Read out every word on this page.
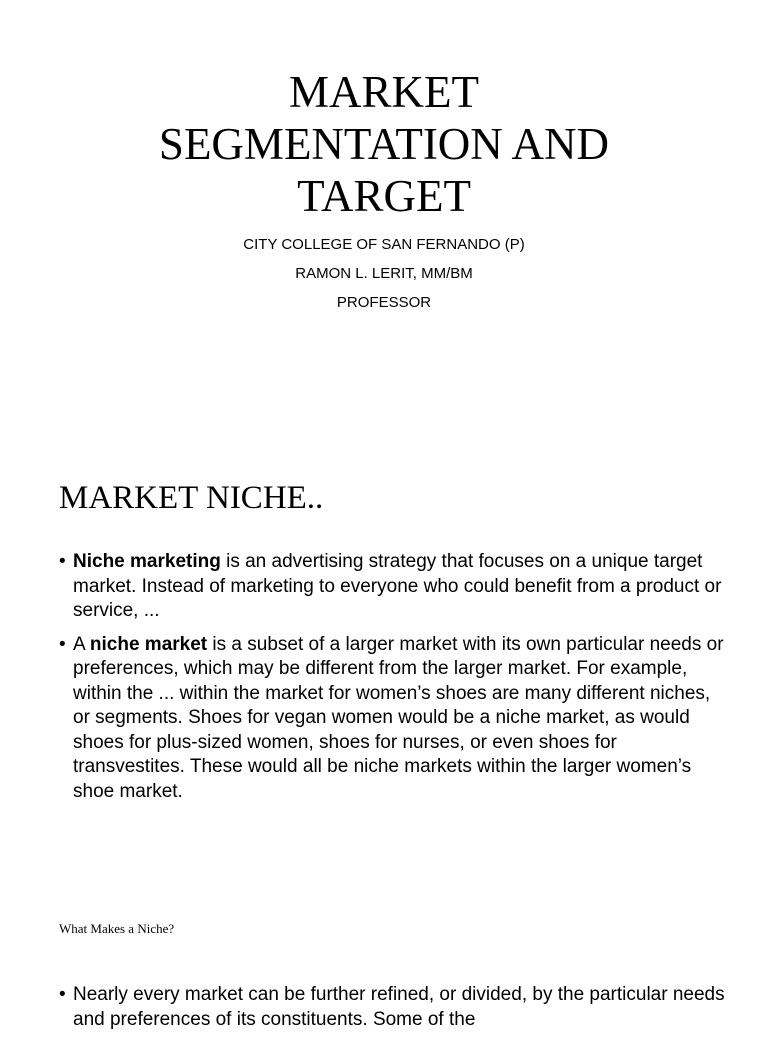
MARKET
SEGMENTATION AND
TARGET
CITY COLLEGE OF SAN FERNANDO (P)
RAMON L. LERIT, MM/BM
PROFESSOR
MARKET NICHE..
• Niche marketing is an advertising strategy that focuses on a unique target market. Instead of marketing to everyone who could benefit from a product or service, ...
• A niche market is a subset of a larger market with its own particular needs or preferences, which may be different from the larger market. For example, within the ... within the market for women’s shoes are many different niches, or segments. Shoes for vegan women would be a niche market, as would shoes for plus-sized women, shoes for nurses, or even shoes for transvestites. These would all be niche markets within the larger women’s shoe market.
What Makes a Niche?
• Nearly every market can be further refined, or divided, by the particular needs and preferences of its constituents. Some of the
